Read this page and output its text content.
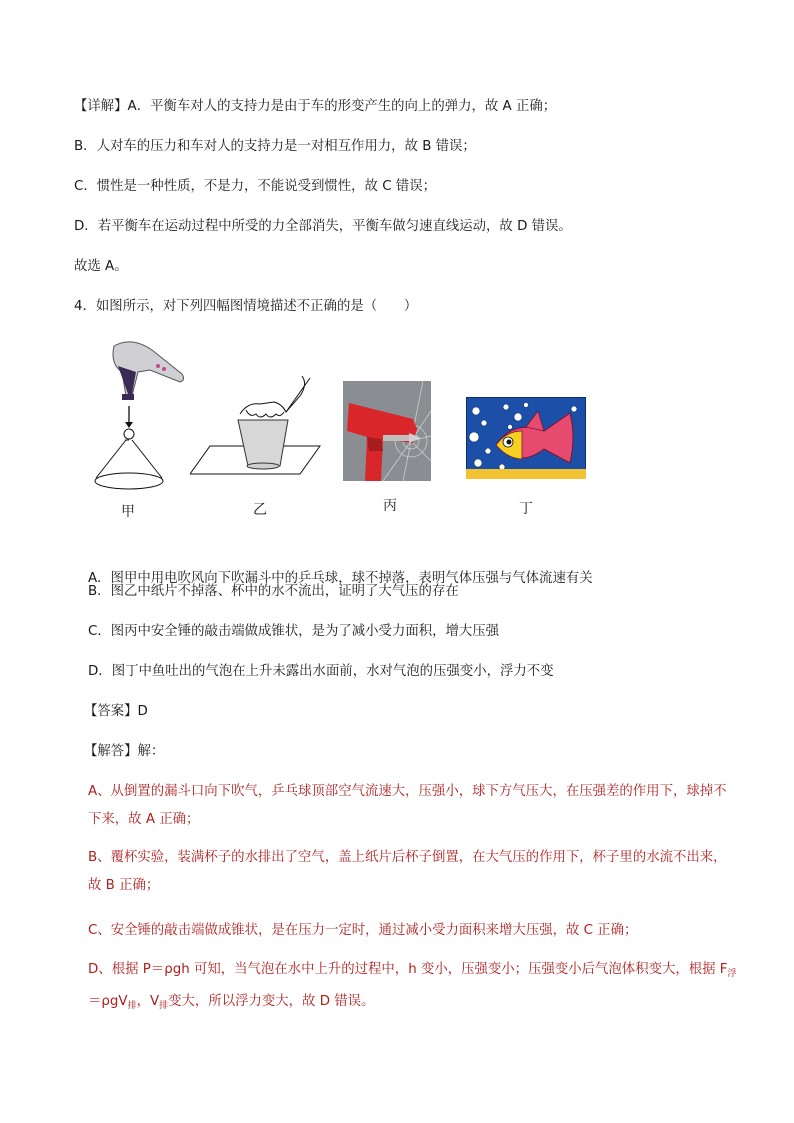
【详解】A．平衡车对人的支持力是由于车的形变产生的向上的弹力，故 A 正确；
B．人对车的压力和车对人的支持力是一对相互作用力，故 B 错误；
C．惯性是一种性质，不是力，不能说受到惯性，故 C 错误；
D．若平衡车在运动过程中所受的力全部消失，平衡车做匀速直线运动，故 D 错误。
故选 A。
4．如图所示，对下列四幅图情境描述不正确的是（　　）
甲	乙	丙	丁
A．图甲中用电吹风向下吹漏斗中的乒乓球，球不掉落，表明气体压强与气体流速有关
B．图乙中纸片不掉落、杯中的水不流出，证明了大气压的存在
C．图丙中安全锤的敲击端做成锥状，是为了减小受力面积，增大压强
D．图丁中鱼吐出的气泡在上升未露出水面前，水对气泡的压强变小，浮力不变
【答案】D
【解答】解：
A、从倒置的漏斗口向下吹气，乒乓球顶部空气流速大，压强小，球下方气压大，在压强差的作用下，球掉不下来，故 A 正确；
B、覆杯实验，装满杯子的水排出了空气，盖上纸片后杯子倒置，在大气压的作用下，杯子里的水流不出来，故 B 正确；
C、安全锤的敲击端做成锥状，是在压力一定时，通过减小受力面积来增大压强，故 C 正确；
D、根据 P＝ρgh 可知，当气泡在水中上升的过程中，h 变小，压强变小；压强变小后气泡体积变大，根据 $F_浮=\rho gV_排$，$V_排$变大，所以浮力变大，故 D 错误。
